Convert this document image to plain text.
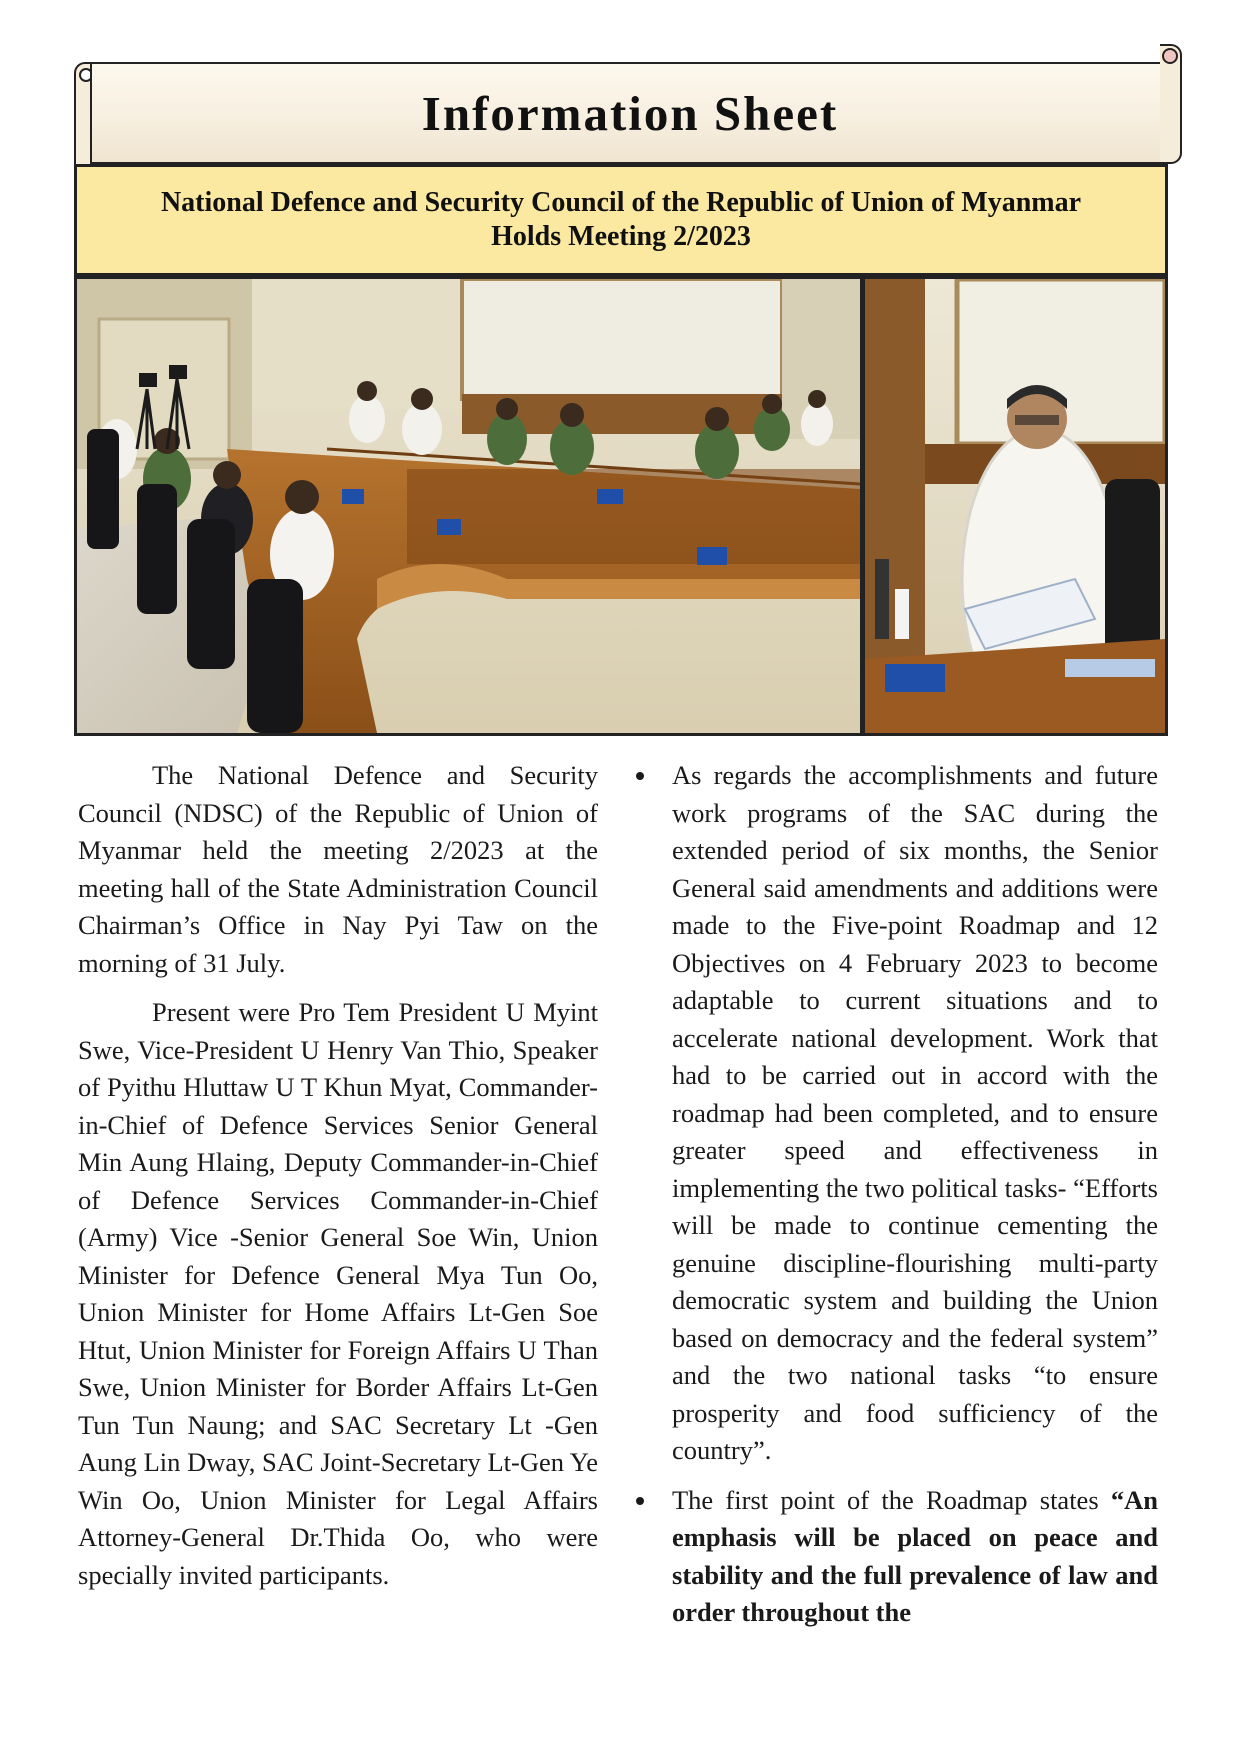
Information Sheet
National Defence and Security Council of the Republic of Union of Myanmar
Holds Meeting 2/2023

The National Defence and Security Council (NDSC) of the Republic of Union of Myanmar held the meeting 2/2023 at the meeting hall of the State Administration Council Chairman’s Office in Nay Pyi Taw on the morning of 31 July.

Present were Pro Tem President U Myint Swe, Vice-President U Henry Van Thio, Speaker of Pyithu Hluttaw U T Khun Myat, Commander-in-Chief of Defence Services Senior General Min Aung Hlaing, Deputy Commander-in-Chief of Defence Services Commander-in-Chief (Army) Vice -Senior General Soe Win, Union Minister for Defence General Mya Tun Oo, Union Minister for Home Affairs Lt-Gen Soe Htut, Union Minister for Foreign Affairs U Than Swe, Union Minister for Border Affairs Lt-Gen Tun Tun Naung; and SAC Secretary Lt -Gen Aung Lin Dway, SAC Joint-Secretary Lt-Gen Ye Win Oo, Union Minister for Legal Affairs Attorney-General Dr.Thida Oo, who were specially invited participants.

As regards the accomplishments and future work programs of the SAC during the extended period of six months, the Senior General said amendments and additions were made to the Five-point Roadmap and 12 Objectives on 4 February 2023 to become adaptable to current situations and to accelerate national development. Work that had to be carried out in accord with the roadmap had been completed, and to ensure greater speed and effectiveness in implementing the two political tasks- “Efforts will be made to continue cementing the genuine discipline-flourishing multi-party democratic system and building the Union based on democracy and the federal system” and the two national tasks “to ensure prosperity and food sufficiency of the country”.
The first point of the Roadmap states “An emphasis will be placed on peace and stability and the full prevalence of law and order throughout the
